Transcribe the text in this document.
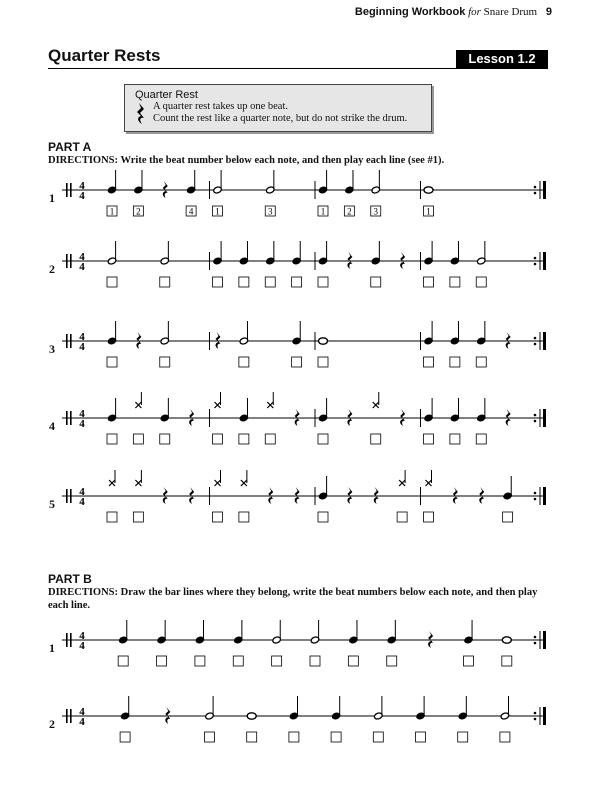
Beginning Workbook for Snare Drum 9
Quarter Rests	Lesson 1.2
Quarter Rest
A quarter rest takes up one beat.
Count the rest like a quarter note, but do not strike the drum.
PART A
DIRECTIONS: Write the beat number below each note, and then play each line (see #1).
1
4
4
1 2	4 1	3	1 2 3	1
2
4
4
3
4
4
4
4
4
5
4
4
PART B
DIRECTIONS: Draw the bar lines where they belong, write the beat numbers below each note, and then play each line.
1
4
4
2
4
4
